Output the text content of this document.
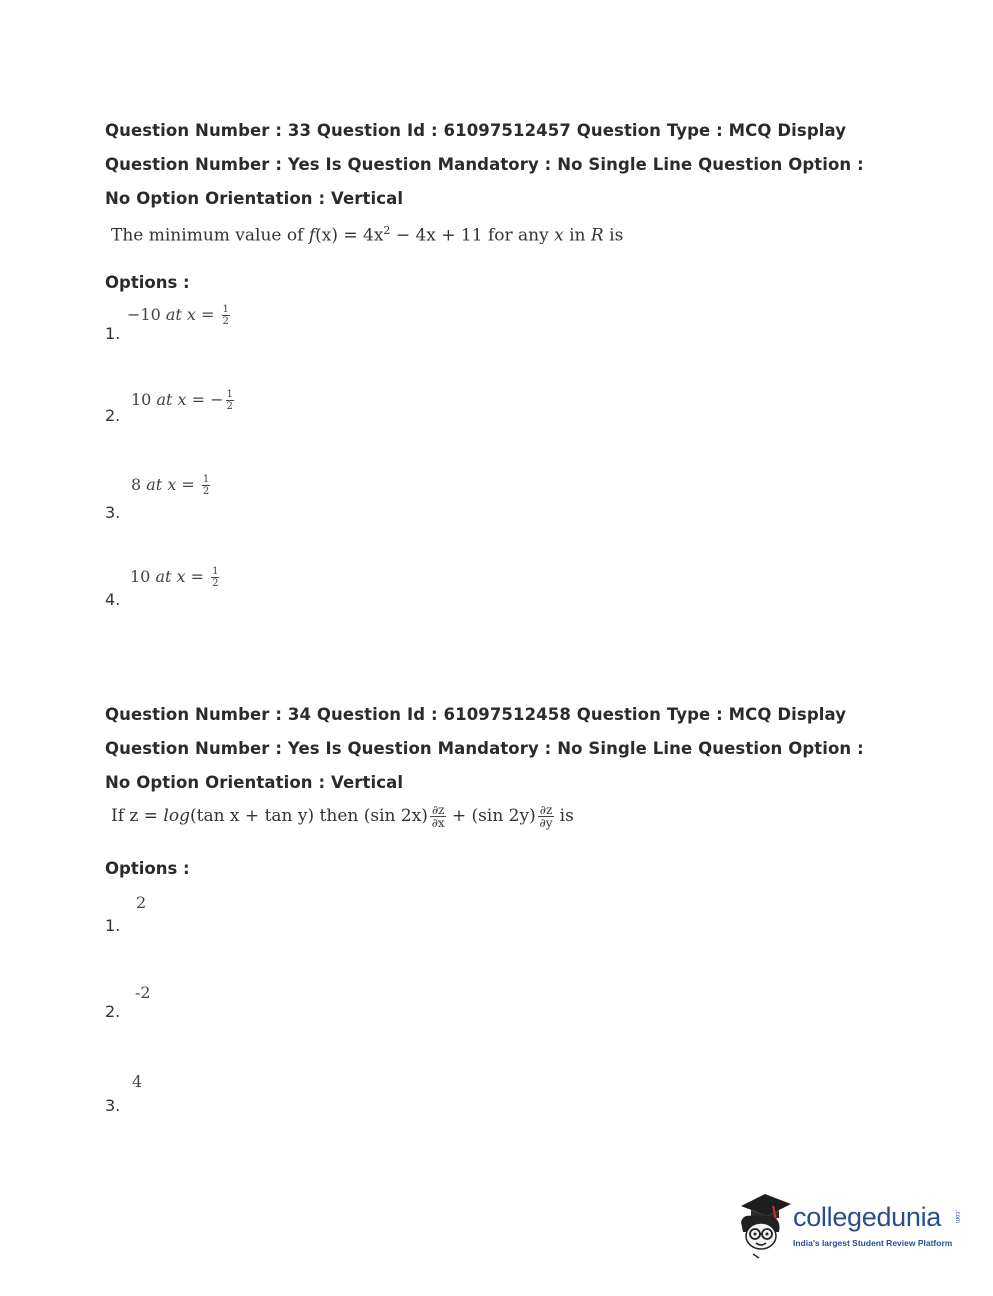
Question Number : 33 Question Id : 61097512457 Question Type : MCQ Display Question Number : Yes Is Question Mandatory : No Single Line Question Option : No Option Orientation : Vertical
The minimum value of $f(x) = 4x^2 - 4x + 11$ for any x in R is
Options :
1.
−10 at $x = \frac{1}{2}$
2.
10 at x = − $\frac{1}{2}$
3.
8 at $x = \frac{1}{2}$
4.
10 at $x = \frac{1}{2}$
Question Number : 34 Question Id : 61097512458 Question Type : MCQ Display Question Number : Yes Is Question Mandatory : No Single Line Question Option : No Option Orientation : Vertical
If z = log(tan x + tan y) then (sin $2x) \frac{\partial z}{\partial x} + (\sin$ $2y) \frac{\partial z}{\partial y}$ is
Options :
1.
2
2.
-2
3.
4
collegedunia .com
India's largest Student Review Platform
